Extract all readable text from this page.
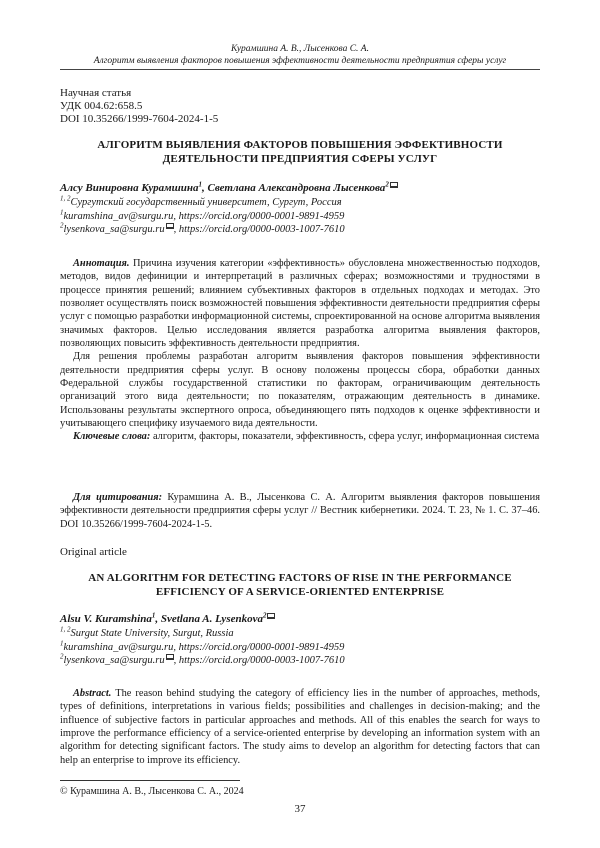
Курамшина А. В., Лысенкова С. А.
Алгоритм выявления факторов повышения эффективности деятельности предприятия сферы услуг
Научная статья
УДК 004.62:658.5
DOI 10.35266/1999-7604-2024-1-5
АЛГОРИТМ ВЫЯВЛЕНИЯ ФАКТОРОВ ПОВЫШЕНИЯ ЭФФЕКТИВНОСТИ ДЕЯТЕЛЬНОСТИ ПРЕДПРИЯТИЯ СФЕРЫ УСЛУГ
Алсу Винировна Курамшина$^1$, Светлана Александровна Лысенкова$^2$
$^{1, 2}$Сургутский государственный университет, Сургут, Россия
$^1$kuramshina_av@surgu.ru, https://orcid.org/0000-0001-9891-4959
$^2$lysenkova_sa@surgu.ru , https://orcid.org/0000-0003-1007-7610

Аннотация. Причина изучения категории «эффективность» обусловлена множественностью подходов, методов, видов дефиниции и интерпретаций в различных сферах; возможностями и трудностями в процессе принятия решений; влиянием субъективных факторов в отдельных подходах и методах. Это позволяет осуществлять поиск возможностей повышения эффективности деятельности предприятия сферы услуг с помощью разработки информационной системы, спроектированной на основе алгоритма выявления значимых факторов. Целью исследования является разработка алгоритма выявления факторов, позволяющих повысить эффективность деятельности предприятия.

Для решения проблемы разработан алгоритм выявления факторов повышения эффективности деятельности предприятия сферы услуг. В основу положены процессы сбора, обработки данных Федеральной службы государственной статистики по факторам, ограничивающим деятельность организаций этого вида деятельности; по показателям, отражающим деятельность в динамике. Использованы результаты экспертного опроса, объединяющего пять подходов к оценке эффективности и учитывающего специфику изучаемого вида деятельности.

Ключевые слова: алгоритм, факторы, показатели, эффективность, сфера услуг, информационная система

Для цитирования: Курамшина А. В., Лысенкова С. А. Алгоритм выявления факторов повышения эффективности деятельности предприятия сферы услуг // Вестник кибернетики. 2024. Т. 23, № 1. С. 37–46. DOI 10.35266/1999-7604-2024-1-5.

Original article
AN ALGORITHM FOR DETECTING FACTORS OF RISE IN THE PERFORMANCE EFFICIENCY OF A SERVICE-ORIENTED ENTERPRISE
Alsu V. Kuramshina$^1$, Svetlana A. Lysenkova$^2$
$^{1, 2}$Surgut State University, Surgut, Russia
$^1$kuramshina_av@surgu.ru, https://orcid.org/0000-0001-9891-4959
$^2$lysenkova_sa@surgu.ru , https://orcid.org/0000-0003-1007-7610

Abstract. The reason behind studying the category of efficiency lies in the number of approaches, methods, types of definitions, interpretations in various fields; possibilities and challenges in decision-making; and the influence of subjective factors in particular approaches and methods. All of this enables the search for ways to improve the performance efficiency of a service-oriented enterprise by developing an information system with an algorithm for detecting significant factors. The study aims to develop an algorithm for detecting factors that can help an enterprise to improve its efficiency.

© Курамшина А. В., Лысенкова С. А., 2024
37
